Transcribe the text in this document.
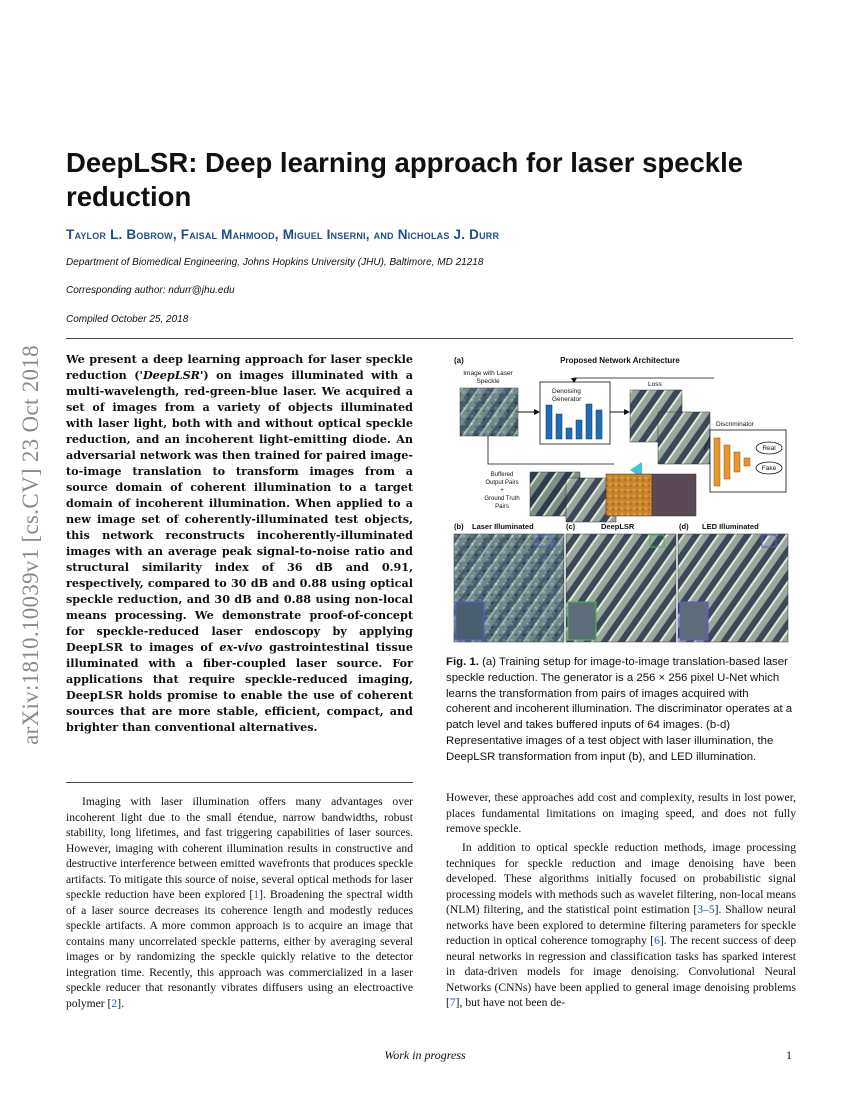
arXiv:1810.10039v1 [cs.CV] 23 Oct 2018
DeepLSR: Deep learning approach for laser speckle reduction
Taylor L. Bobrow, Faisal Mahmood, Miguel Inserni, and Nicholas J. Durr
Department of Biomedical Engineering, Johns Hopkins University (JHU), Baltimore, MD 21218
Corresponding author: ndurr@jhu.edu
Compiled October 25, 2018
We present a deep learning approach for laser speckle reduction ('DeepLSR') on images illuminated with a multi-wavelength, red-green-blue laser. We acquired a set of images from a variety of objects illuminated with laser light, both with and without optical speckle reduction, and an incoherent light-emitting diode. An adversarial network was then trained for paired image-to-image translation to transform images from a source domain of coherent illumination to a target domain of incoherent illumination. When applied to a new image set of coherently-illuminated test objects, this network reconstructs incoherently-illuminated images with an average peak signal-to-noise ratio and structural similarity index of 36 dB and 0.91, respectively, compared to 30 dB and 0.88 using optical speckle reduction, and 30 dB and 0.88 using non-local means processing. We demonstrate proof-of-concept for speckle-reduced laser endoscopy by applying DeepLSR to images of ex-vivo gastrointestinal tissue illuminated with a fiber-coupled laser source. For applications that require speckle-reduced imaging, DeepLSR holds promise to enable the use of coherent sources that are more stable, efficient, compact, and brighter than conventional alternatives.
Imaging with laser illumination offers many advantages over incoherent light due to the small étendue, narrow bandwidths, robust stability, long lifetimes, and fast triggering capabilities of laser sources. However, imaging with coherent illumination results in constructive and destructive interference between emitted wavefronts that produces speckle artifacts. To mitigate this source of noise, several optical methods for laser speckle reduction have been explored [1]. Broadening the spectral width of a laser source decreases its coherence length and modestly reduces speckle artifacts. A more common approach is to acquire an image that contains many uncorrelated speckle patterns, either by averaging several images or by randomizing the speckle quickly relative to the detector integration time. Recently, this approach was commercialized in a laser speckle reducer that resonantly vibrates diffusers using an electroactive polymer [2].
(a)	Proposed Network Architecture
Image with Laser
Speckle
Denoising
Generator
Loss
Discriminator
Real
Fake
Buffered
Output Pairs
+
Ground Truth
Pairs
(b) Laser Illuminated	(c)	DeepLSR	(d) LED Illuminated
Fig. 1. (a) Training setup for image-to-image translation-based laser speckle reduction. The generator is a 256 × 256 pixel U-Net which learns the transformation from pairs of images acquired with coherent and incoherent illumination. The discriminator operates at a patch level and takes buffered inputs of 64 images. (b-d) Representative images of a test object with laser illumination, the DeepLSR transformation from input (b), and LED illumination.
However, these approaches add cost and complexity, results in lost power, places fundamental limitations on imaging speed, and does not fully remove speckle.
In addition to optical speckle reduction methods, image processing techniques for speckle reduction and image denoising have been developed. These algorithms initially focused on probabilistic signal processing models with methods such as wavelet filtering, non-local means (NLM) filtering, and the statistical point estimation [3–5]. Shallow neural networks have been explored to determine filtering parameters for speckle reduction in optical coherence tomography [6]. The recent success of deep neural networks in regression and classification tasks has sparked interest in data-driven models for image denoising. Convolutional Neural Networks (CNNs) have been applied to general image denoising problems [7], but have not been de-
Work in progress	1
